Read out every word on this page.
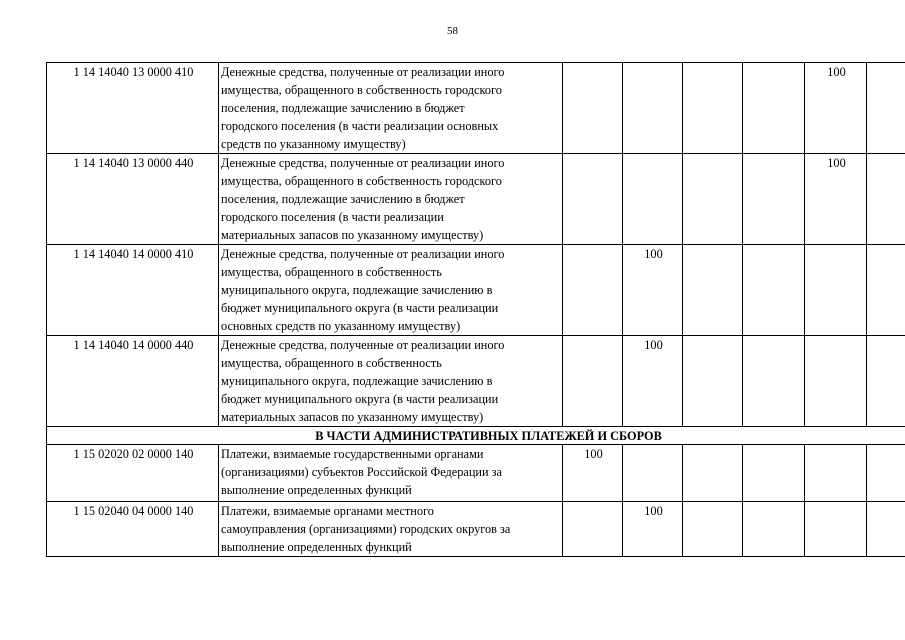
58
1 14 14040 13 0000 410	Денежные средства, полученные от реализации иного
имущества, обращенного в собственность городского
поселения, подлежащие зачислению в бюджет
городского поселения (в части реализации основных
средств по указанному имуществу)					100	
1 14 14040 13 0000 440	Денежные средства, полученные от реализации иного
имущества, обращенного в собственность городского
поселения, подлежащие зачислению в бюджет
городского поселения (в части реализации
материальных запасов по указанному имуществу)					100	
1 14 14040 14 0000 410	Денежные средства, полученные от реализации иного
имущества, обращенного в собственность
муниципального округа, подлежащие зачислению в
бюджет муниципального округа (в части реализации
основных средств по указанному имуществу)		100				
1 14 14040 14 0000 440	Денежные средства, полученные от реализации иного
имущества, обращенного в собственность
муниципального округа, подлежащие зачислению в
бюджет муниципального округа (в части реализации
материальных запасов по указанному имуществу)		100				
В ЧАСТИ АДМИНИСТРАТИВНЫХ ПЛАТЕЖЕЙ И СБОРОВ							
1 15 02020 02 0000 140	Платежи, взимаемые государственными органами
(организациями) субъектов Российской Федерации за
выполнение определенных функций	100					
1 15 02040 04 0000 140	Платежи, взимаемые органами местного
самоуправления (организациями) городских округов за
выполнение определенных функций		100				
